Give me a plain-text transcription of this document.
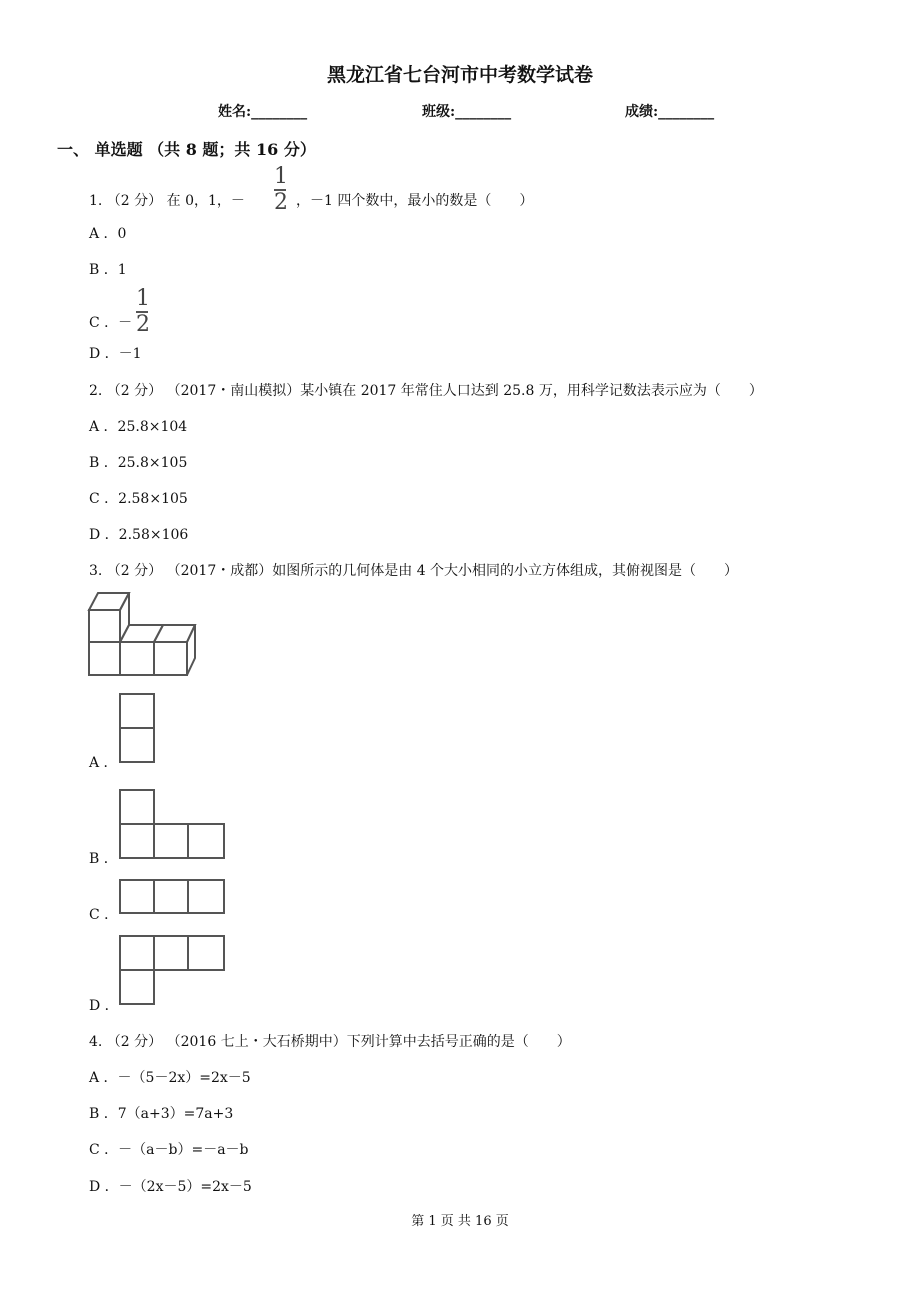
黑龙江省七台河市中考数学试卷
姓名:________	班级:________	成绩:________
一、 单选题 （共 8 题；共 16 分）
1. （2 分） 在 0，1，－
1
2 ，－1 四个数中，最小的数是（　　）
A ．0
B ．1
C ．－
1
2
D ．－1
2. （2 分） （2017・南山模拟）某小镇在 2017 年常住人口达到 25.8 万，用科学记数法表示应为（　　）
A ．25.8×104
B ．25.8×105
C ．2.58×105
D ．2.58×106
3. （2 分） （2017・成都）如图所示的几何体是由 4 个大小相同的小立方体组成，其俯视图是（　　）
A ．
B ．
C ．
D ．
4. （2 分） （2016 七上・大石桥期中）下列计算中去括号正确的是（　　）
A ．－（5－2x）=2x－5
B ．7（a+3）=7a+3
C ．－（a－b）=－a－b
D ．－（2x－5）=2x－5
第 1 页 共 16 页
